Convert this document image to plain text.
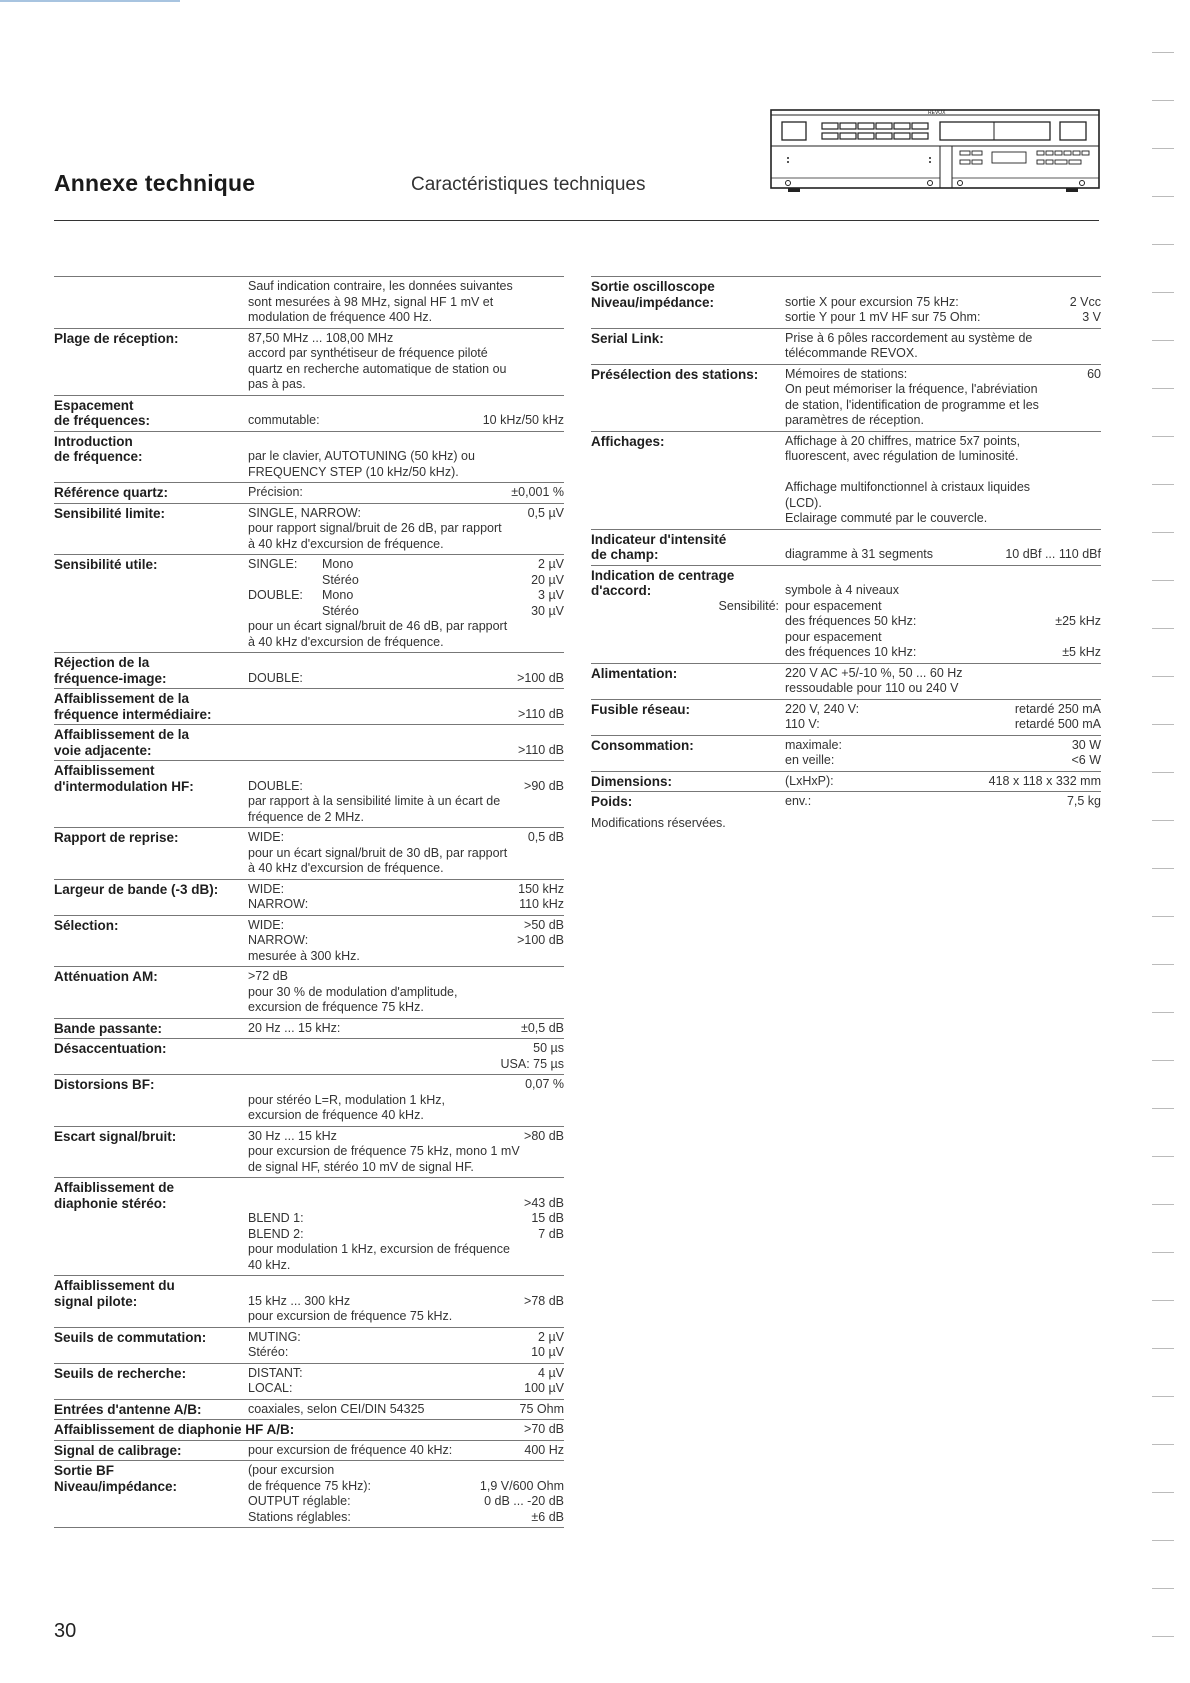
Annexe technique	Caractéristiques techniques
REVOX
Sauf indication contraire, les données suivantes
sont mesurées à 98 MHz, signal HF 1 mV et
modulation de fréquence 400 Hz.
Plage de réception:	87,50 MHz ... 108,00 MHz
accord par synthétiseur de fréquence piloté
quartz en recherche automatique de station ou
pas à pas.
Espacement
de fréquences:	commutable:	10 kHz/50 kHz
Introduction
de fréquence:	par le clavier, AUTOTUNING (50 kHz) ou
FREQUENCY STEP (10 kHz/50 kHz).
Référence quartz:	Précision:	±0,001 %
Sensibilité limite:	SINGLE, NARROW:	0,5 µV
pour rapport signal/bruit de 26 dB, par rapport
à 40 kHz d'excursion de fréquence.
Sensibilité utile:	SINGLE: Mono	2 µV
Stéréo	20 µV
DOUBLE: Mono	3 µV
Stéréo	30 µV
pour un écart signal/bruit de 46 dB, par rapport
à 40 kHz d'excursion de fréquence.
Réjection de la
fréquence-image:	DOUBLE:	>100 dB
Affaiblissement de la
fréquence intermédiaire:	>110 dB
Affaiblissement de la
voie adjacente:	>110 dB
Affaiblissement
d'intermodulation HF:	DOUBLE:	>90 dB
par rapport à la sensibilité limite à un écart de
fréquence de 2 MHz.
Rapport de reprise:	WIDE:	0,5 dB
pour un écart signal/bruit de 30 dB, par rapport
à 40 kHz d'excursion de fréquence.
Largeur de bande (-3 dB):	WIDE:	150 kHz
NARROW:	110 kHz
Sélection:	WIDE:	>50 dB
NARROW:	>100 dB
mesurée à 300 kHz.
Atténuation AM:	>72 dB
pour 30 % de modulation d'amplitude,
excursion de fréquence 75 kHz.
Bande passante:	20 Hz ... 15 kHz:	±0,5 dB
Désaccentuation:	50 µs
USA: 75 µs
Distorsions BF:	0,07 %
pour stéréo L=R, modulation 1 kHz,
excursion de fréquence 40 kHz.
Escart signal/bruit:	30 Hz ... 15 kHz	>80 dB
pour excursion de fréquence 75 kHz, mono 1 mV
de signal HF, stéréo 10 mV de signal HF.
Affaiblissement de
diaphonie stéréo:	>43 dB
BLEND 1:	15 dB
BLEND 2:	7 dB
pour modulation 1 kHz, excursion de fréquence
40 kHz.
Affaiblissement du
signal pilote:	15 kHz ... 300 kHz	>78 dB
pour excursion de fréquence 75 kHz.
Seuils de commutation:	MUTING:	2 µV
Stéréo:	10 µV
Seuils de recherche:	DISTANT:	4 µV
LOCAL:	100 µV
Entrées d'antenne A/B:	coaxiales, selon CEI/DIN 54325	75 Ohm
Affaiblissement de diaphonie HF A/B:	>70 dB
Signal de calibrage:	pour excursion de fréquence 40 kHz:	400 Hz
Sortie BF
Niveau/impédance:
(pour excursion
de fréquence 75 kHz):	1,9 V/600 Ohm
OUTPUT réglable:	0 dB ... -20 dB
Stations réglables:	±6 dB
Sortie oscilloscope
Niveau/impédance:	sortie X pour excursion 75 kHz:	2 Vcc
sortie Y pour 1 mV HF sur 75 Ohm:	3 V
Serial Link:	Prise à 6 pôles raccordement au système de
télécommande REVOX.
Présélection des stations:	Mémoires de stations:	60
On peut mémoriser la fréquence, l'abréviation
de station, l'identification de programme et les
paramètres de réception.
Affichages:	Affichage à 20 chiffres, matrice 5x7 points,
fluorescent, avec régulation de luminosité.
Affichage multifonctionnel à cristaux liquides
(LCD).
Eclairage commuté par le couvercle.
Indicateur d'intensité
de champ:	diagramme à 31 segments	10 dBf ... 110 dBf
Indication de centrage
d'accord:
Sensibilité:
symbole à 4 niveaux
pour espacement
des fréquences 50 kHz:	±25 kHz
pour espacement
des fréquences 10 kHz:	±5 kHz
Alimentation:	220 V AC +5/-10 %, 50 ... 60 Hz
ressoudable pour 110 ou 240 V
Fusible réseau:	220 V, 240 V:	retardé 250 mA
110 V:	retardé 500 mA
Consommation:	maximale:	30 W
en veille:	<6 W
Dimensions:	(LxHxP):	418 x 118 x 332 mm
Poids:	env.:	7,5 kg
Modifications réservées.
30
